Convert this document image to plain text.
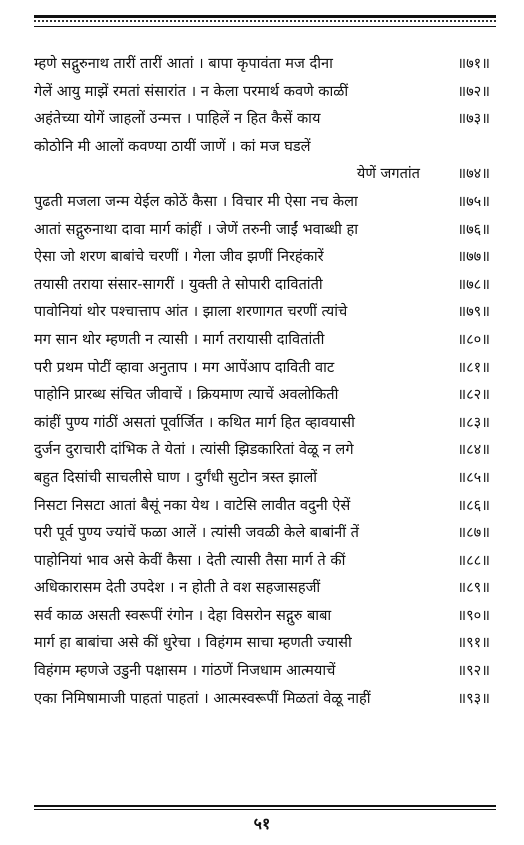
म्हणे सद्गुरुनाथ तारीं तारीं आतां । बापा कृपावंता मज दीना	॥७१॥
गेलें आयु माझें रमतां संसारांत । न केला परमार्थ कवणे काळीं	॥७२॥
अहंतेच्या योगें जाहलों उन्मत्त । पाहिलें न हित कैसें काय	॥७३॥
कोठोनि मी आलों कवण्या ठायीं जाणें । कां मज घडलें
येणें जगतांत	॥७४॥
पुढती मजला जन्म येईल कोठें कैसा । विचार मी ऐसा नच केला	॥७५॥
आतां सद्गुरुनाथा दावा मार्ग कांहीं । जेणें तरुनी जाईं भवाब्धी हा	॥७६॥
ऐसा जो शरण बाबांचे चरणीं । गेला जीव झणीं निरहंकारें	॥७७॥
तयासी तराया संसार-सागरीं । युक्ती ते सोपारी दावितांती	॥७८॥
पावोनियां थोर पश्चात्ताप आंत । झाला शरणागत चरणीं त्यांचे	॥७९॥
मग सान थोर म्हणती न त्यासी । मार्ग तरायासी दावितांती	॥८०॥
परी प्रथम पोटीं व्हावा अनुताप । मग आपेंआप दाविती वाट	॥८१॥
पाहोनि प्रारब्ध संचित जीवाचें । क्रियमाण त्याचें अवलोकिती	॥८२॥
कांहीं पुण्य गांठीं असतां पूर्वार्जित । कथित मार्ग हित व्हावयासी	॥८३॥
दुर्जन दुराचारी दांभिक ते येतां । त्यांसी झिडकारितां वेळू न लगे	॥८४॥
बहुत दिसांची साचलीसे घाण । दुर्गंधी सुटोन त्रस्त झालों	॥८५॥
निसटा निसटा आतां बैसूं नका येथ । वाटेसि लावीत वदुनी ऐसें	॥८६॥
परी पूर्व पुण्य ज्यांचें फळा आलें । त्यांसी जवळी केले बाबांनीं तें	॥८७॥
पाहोनियां भाव असे केवीं कैसा । देती त्यासी तैसा मार्ग ते कीं	॥८८॥
अधिकारासम देती उपदेश । न होती ते वश सहजासहजीं	॥८९॥
सर्व काळ असती स्वरूपीं रंगोन । देहा विसरोन सद्गुरु बाबा	॥९०॥
मार्ग हा बाबांचा असे कीं धुरेचा । विहंगम साचा म्हणती ज्यासी	॥९१॥
विहंगम म्हणजे उडुनी पक्षासम । गांठणें निजधाम आत्मयाचें	॥९२॥
एका निमिषामाजी पाहतां पाहतां । आत्मस्वरूपीं मिळतां वेळू नाहीं	॥९३॥
५१
